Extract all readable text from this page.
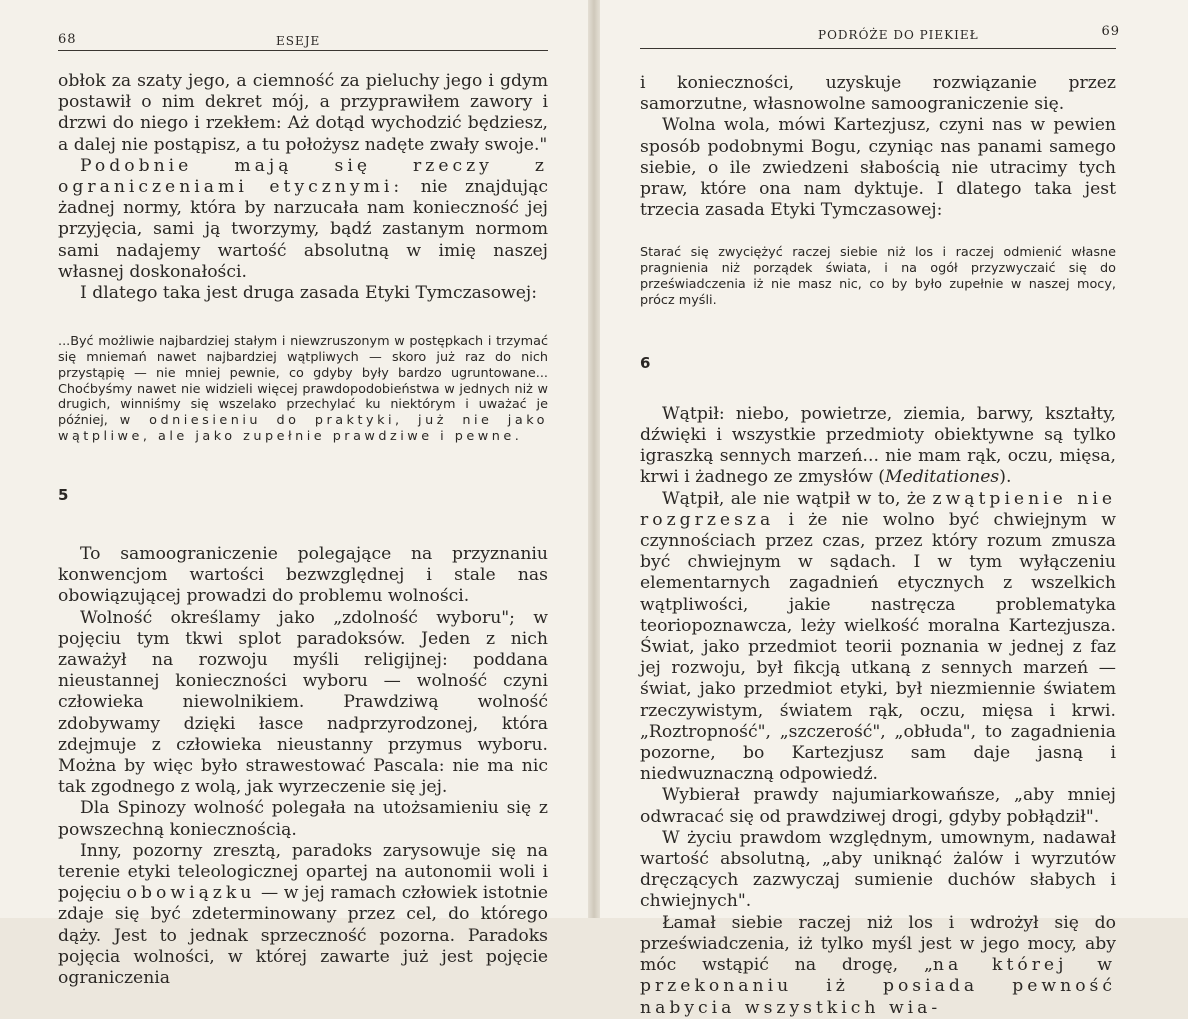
68	ESEJE

obłok za szaty jego, a ciemność za pieluchy jego i gdym postawił o nim dekret mój, a przyprawiłem zawory i drzwi do niego i rzekłem: Aż dotąd wychodzić będziesz, a dalej nie postąpisz, a tu położysz nadęte zwały swoje."

Podobnie mają się rzeczy z ograniczeniami etycznymi: nie znajdując żadnej normy, która by narzucała nam konieczność jej przyjęcia, sami ją tworzymy, bądź zastanym normom sami nadajemy wartość absolutną w imię naszej własnej doskonałości.

I dlatego taka jest druga zasada Etyki Tymczasowej:

...Być możliwie najbardziej stałym i niewzruszonym w postępkach i trzymać się mniemań nawet najbardziej wątpliwych — skoro już raz do nich przystąpię — nie mniej pewnie, co gdyby były bardzo ugruntowane... Choćbyśmy nawet nie widzieli więcej prawdopodobieństwa w jednych niż w drugich, winniśmy się wszelako przechylać ku niektórym i uważać je później, w odniesieniu do praktyki, już nie jako wątpliwe, ale jako zupełnie prawdziwe i pewne.
5

To samoograniczenie polegające na przyznaniu konwencjom wartości bezwzględnej i stale nas obowiązującej prowadzi do problemu wolności.

Wolność określamy jako „zdolność wyboru"; w pojęciu tym tkwi splot paradoksów. Jeden z nich zaważył na rozwoju myśli religijnej: poddana nieustannej konieczności wyboru — wolność czyni człowieka niewolnikiem. Prawdziwą wolność zdobywamy dzięki łasce nadprzyrodzonej, która zdejmuje z człowieka nieustanny przymus wyboru. Można by więc było strawestować Pascala: nie ma nic tak zgodnego z wolą, jak wyrzeczenie się jej.

Dla Spinozy wolność polegała na utożsamieniu się z powszechną koniecznością.

Inny, pozorny zresztą, paradoks zarysowuje się na terenie etyki teleologicznej opartej na autonomii woli i pojęciu obowiązku — w jej ramach człowiek istotnie zdaje się być zdeterminowany przez cel, do którego dąży. Jest to jednak sprzeczność pozorna. Paradoks pojęcia wolności, w której zawarte już jest pojęcie ograniczenia

PODRÓŻE DO PIEKIEŁ	69

i konieczności, uzyskuje rozwiązanie przez samorzutne, własnowolne samoograniczenie się.

Wolna wola, mówi Kartezjusz, czyni nas w pewien sposób podobnymi Bogu, czyniąc nas panami samego siebie, o ile zwiedzeni słabością nie utracimy tych praw, które ona nam dyktuje. I dlatego taka jest trzecia zasada Etyki Tymczasowej:

Starać się zwyciężyć raczej siebie niż los i raczej odmienić własne pragnienia niż porządek świata, i na ogół przyzwyczaić się do przeświadczenia iż nie masz nic, co by było zupełnie w naszej mocy, prócz myśli.
6

Wątpił: niebo, powietrze, ziemia, barwy, kształty, dźwięki i wszystkie przedmioty obiektywne są tylko igraszką sennych marzeń... nie mam rąk, oczu, mięsa, krwi i żadnego ze zmysłów (Meditationes).

Wątpił, ale nie wątpił w to, że zwątpienie nie rozgrzesza i że nie wolno być chwiejnym w czynnościach przez czas, przez który rozum zmusza być chwiejnym w sądach. I w tym wyłączeniu elementarnych zagadnień etycznych z wszelkich wątpliwości, jakie nastręcza problematyka teoriopoznawcza, leży wielkość moralna Kartezjusza. Świat, jako przedmiot teorii poznania w jednej z faz jej rozwoju, był fikcją utkaną z sennych marzeń — świat, jako przedmiot etyki, był niezmiennie światem rzeczywistym, światem rąk, oczu, mięsa i krwi. „Roztropność", „szczerość", „obłuda", to zagadnienia pozorne, bo Kartezjusz sam daje jasną i niedwuznaczną odpowiedź.

Wybierał prawdy najumiarkowańsze, „aby mniej odwracać się od prawdziwej drogi, gdyby pobłądził".

W życiu prawdom względnym, umownym, nadawał wartość absolutną, „aby uniknąć żalów i wyrzutów dręczących zazwyczaj sumienie duchów słabych i chwiejnych".

Łamał siebie raczej niż los i wdrożył się do przeświadczenia, iż tylko myśl jest w jego mocy, aby móc wstąpić na drogę, „na której w przekonaniu iż posiada pewność nabycia wszystkich wia-
